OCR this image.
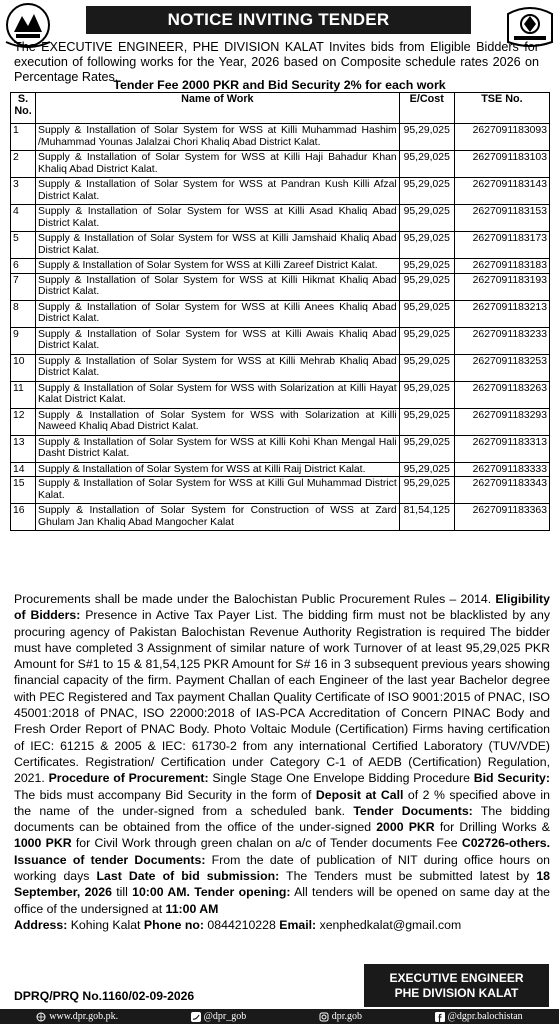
NOTICE INVITING TENDER
The EXECUTIVE ENGINEER, PHE DIVISION KALAT Invites bids from Eligible Bidders for execution of following works for the Year, 2026 based on Composite schedule rates 2026 on Percentage Rates.
Tender Fee 2000 PKR and Bid Security 2% for each work
S. No.	Name of Work	E/Cost	TSE No.
1	Supply & Installation of Solar System for WSS at Killi Muhammad Hashim /Muhammad Younas Jalalzai Chori Khaliq Abad District Kalat.	95,29,025	2627091183093
2	Supply & Installation of Solar System for WSS at Killi Haji Bahadur Khan Khaliq Abad District Kalat.	95,29,025	2627091183103
3	Supply & Installation of Solar System for WSS at Pandran Kush Killi Afzal District Kalat.	95,29,025	2627091183143
4	Supply & Installation of Solar System for WSS at Killi Asad Khaliq Abad District Kalat.	95,29,025	2627091183153
5	Supply & Installation of Solar System for WSS at Killi Jamshaid Khaliq Abad District Kalat.	95,29,025	2627091183173
6	Supply & Installation of Solar System for WSS at Killi Zareef District Kalat.	95,29,025	2627091183183
7	Supply & Installation of Solar System for WSS at Killi Hikmat Khaliq Abad District Kalat.	95,29,025	2627091183193
8	Supply & Installation of Solar System for WSS at Killi Anees Khaliq Abad District Kalat.	95,29,025	2627091183213
9	Supply & Installation of Solar System for WSS at Killi Awais Khaliq Abad District Kalat.	95,29,025	2627091183233
10	Supply & Installation of Solar System for WSS at Killi Mehrab Khaliq Abad District Kalat.	95,29,025	2627091183253
11	Supply & Installation of Solar System for WSS with Solarization at Killi Hayat Kalat District Kalat.	95,29,025	2627091183263
12	Supply & Installation of Solar System for WSS with Solarization at Killi Naweed Khaliq Abad District Kalat.	95,29,025	2627091183293
13	Supply & Installation of Solar System for WSS at Killi Kohi Khan Mengal Hali Dasht District Kalat.	95,29,025	2627091183313
14	Supply & Installation of Solar System for WSS at Killi Raij District Kalat.	95,29,025	2627091183333
15	Supply & Installation of Solar System for WSS at Killi Gul Muhammad District Kalat.	95,29,025	2627091183343
16	Supply & Installation of Solar System for Construction of WSS at Zard Ghulam Jan Khaliq Abad Mangocher Kalat	81,54,125	2627091183363
Procurements shall be made under the Balochistan Public Procurement Rules – 2014. Eligibility of Bidders: Presence in Active Tax Payer List. The bidding firm must not be blacklisted by any procuring agency of Pakistan Balochistan Revenue Authority Registration is required The bidder must have completed 3 Assignment of similar nature of work Turnover of at least 95,29,025 PKR Amount for S#1 to 15 & 81,54,125 PKR Amount for S# 16 in 3 subsequent previous years showing financial capacity of the firm. Payment Challan of each Engineer of the last year Bachelor degree with PEC Registered and Tax payment Challan Quality Certificate of ISO 9001:2015 of PNAC, ISO 45001:2018 of PNAC, ISO 22000:2018 of IAS-PCA Accreditation of Concern PINAC Body and Fresh Order Report of PNAC Body. Photo Voltaic Module (Certification) Firms having certification of IEC: 61215 & 2005 & IEC: 61730-2 from any international Certified Laboratory (TUV/VDE) Certificates. Registration/ Certification under Category C-1 of AEDB (Certification) Regulation, 2021. Procedure of Procurement: Single Stage One Envelope Bidding Procedure Bid Security: The bids must accompany Bid Security in the form of Deposit at Call of 2 % specified above in the name of the under-signed from a scheduled bank. Tender Documents: The bidding documents can be obtained from the office of the under-signed 2000 PKR for Drilling Works & 1000 PKR for Civil Work through green chalan on a/c of Tender documents Fee C02726-others. Issuance of tender Documents: From the date of publication of NIT during office hours on working days Last Date of bid submission: The Tenders must be submitted latest by 18 September, 2026 till 10:00 AM. Tender opening: All tenders will be opened on same day at the office of the undersigned at 11:00 AM
Address: Kohing Kalat Phone no: 0844210228 Email: xenphedkalat@gmail.com
EXECUTIVE ENGINEER
PHE DIVISION KALAT
DPRQ/PRQ No.1160/02-09-2026
www.dpr.gob.pk.	@dpr_gob	dpr.gob	@dgpr.balochistan
